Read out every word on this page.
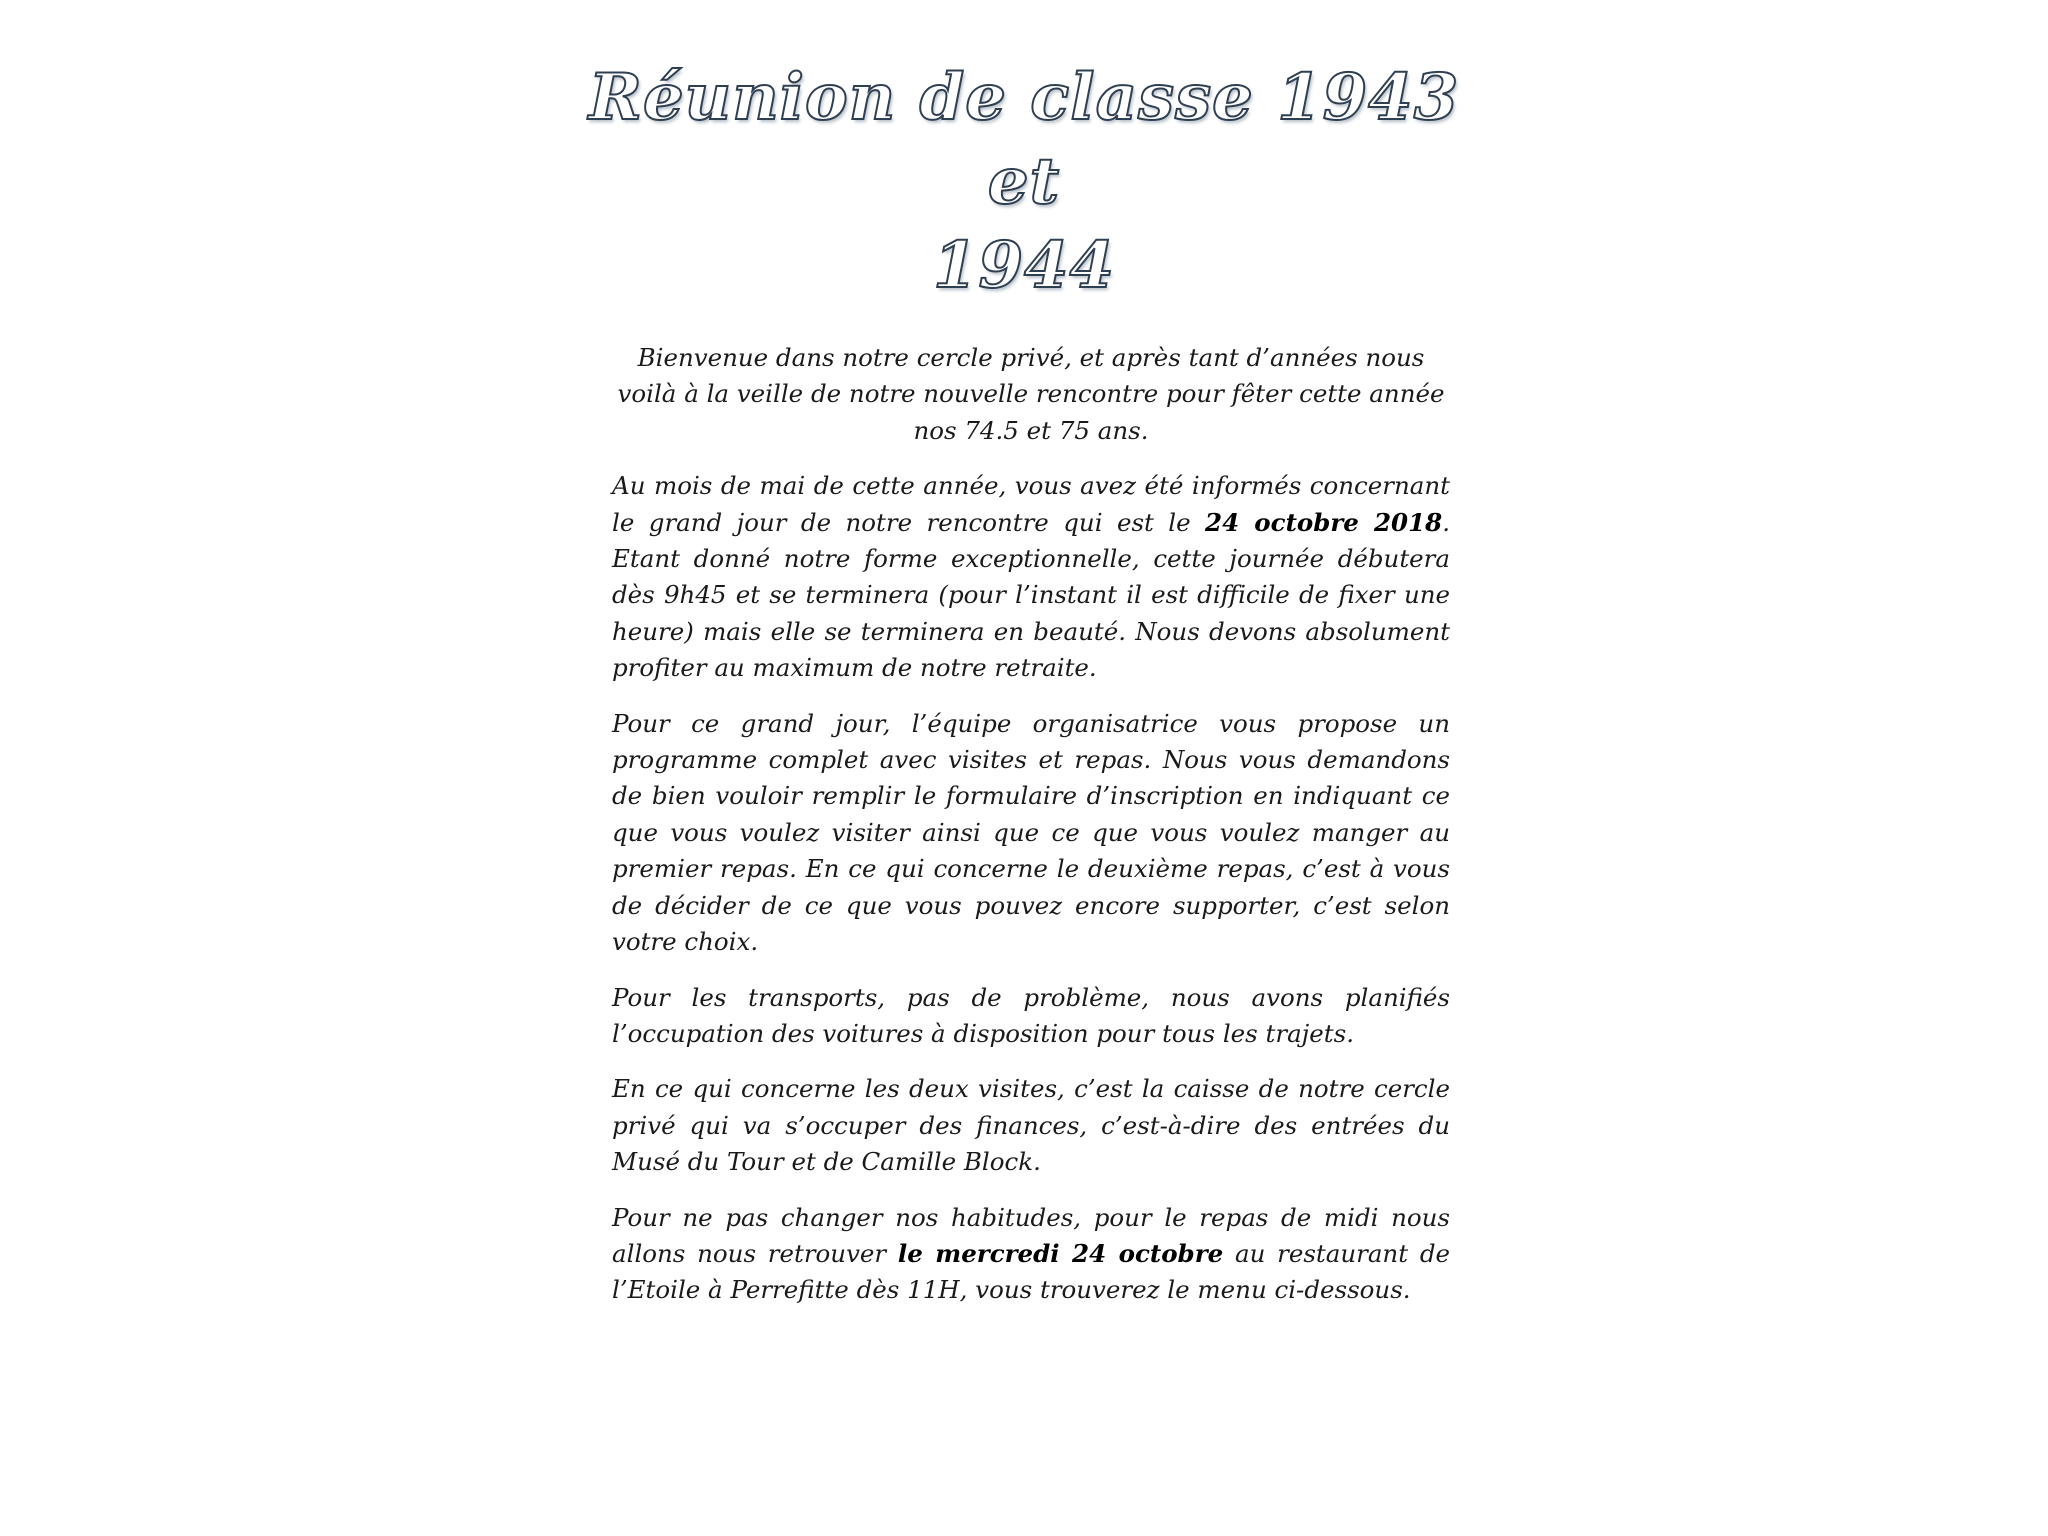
Réunion de classe 1943 et
1944

Bienvenue dans notre cercle privé, et après tant d’années nous voilà à la veille de notre nouvelle rencontre pour fêter cette année nos 74.5 et 75 ans.

Au mois de mai de cette année, vous avez été informés concernant le grand jour de notre rencontre qui est le 24 octobre 2018. Etant donné notre forme exceptionnelle, cette journée débutera dès 9h45 et se terminera (pour l’instant il est difficile de fixer une heure) mais elle se terminera en beauté. Nous devons absolument profiter au maximum de notre retraite.

Pour ce grand jour, l’équipe organisatrice vous propose un programme complet avec visites et repas. Nous vous demandons de bien vouloir remplir le formulaire d’inscription en indiquant ce que vous voulez visiter ainsi que ce que vous voulez manger au premier repas. En ce qui concerne le deuxième repas, c’est à vous de décider de ce que vous pouvez encore supporter, c’est selon votre choix.

Pour les transports, pas de problème, nous avons planifiés l’occupation des voitures à disposition pour tous les trajets.

En ce qui concerne les deux visites, c’est la caisse de notre cercle privé qui va s’occuper des finances, c’est-à-dire des entrées du Musé du Tour et de Camille Block.

Pour ne pas changer nos habitudes, pour le repas de midi nous allons nous retrouver le mercredi 24 octobre au restaurant de l’Etoile à Perrefitte dès 11H, vous trouverez le menu ci-dessous.
